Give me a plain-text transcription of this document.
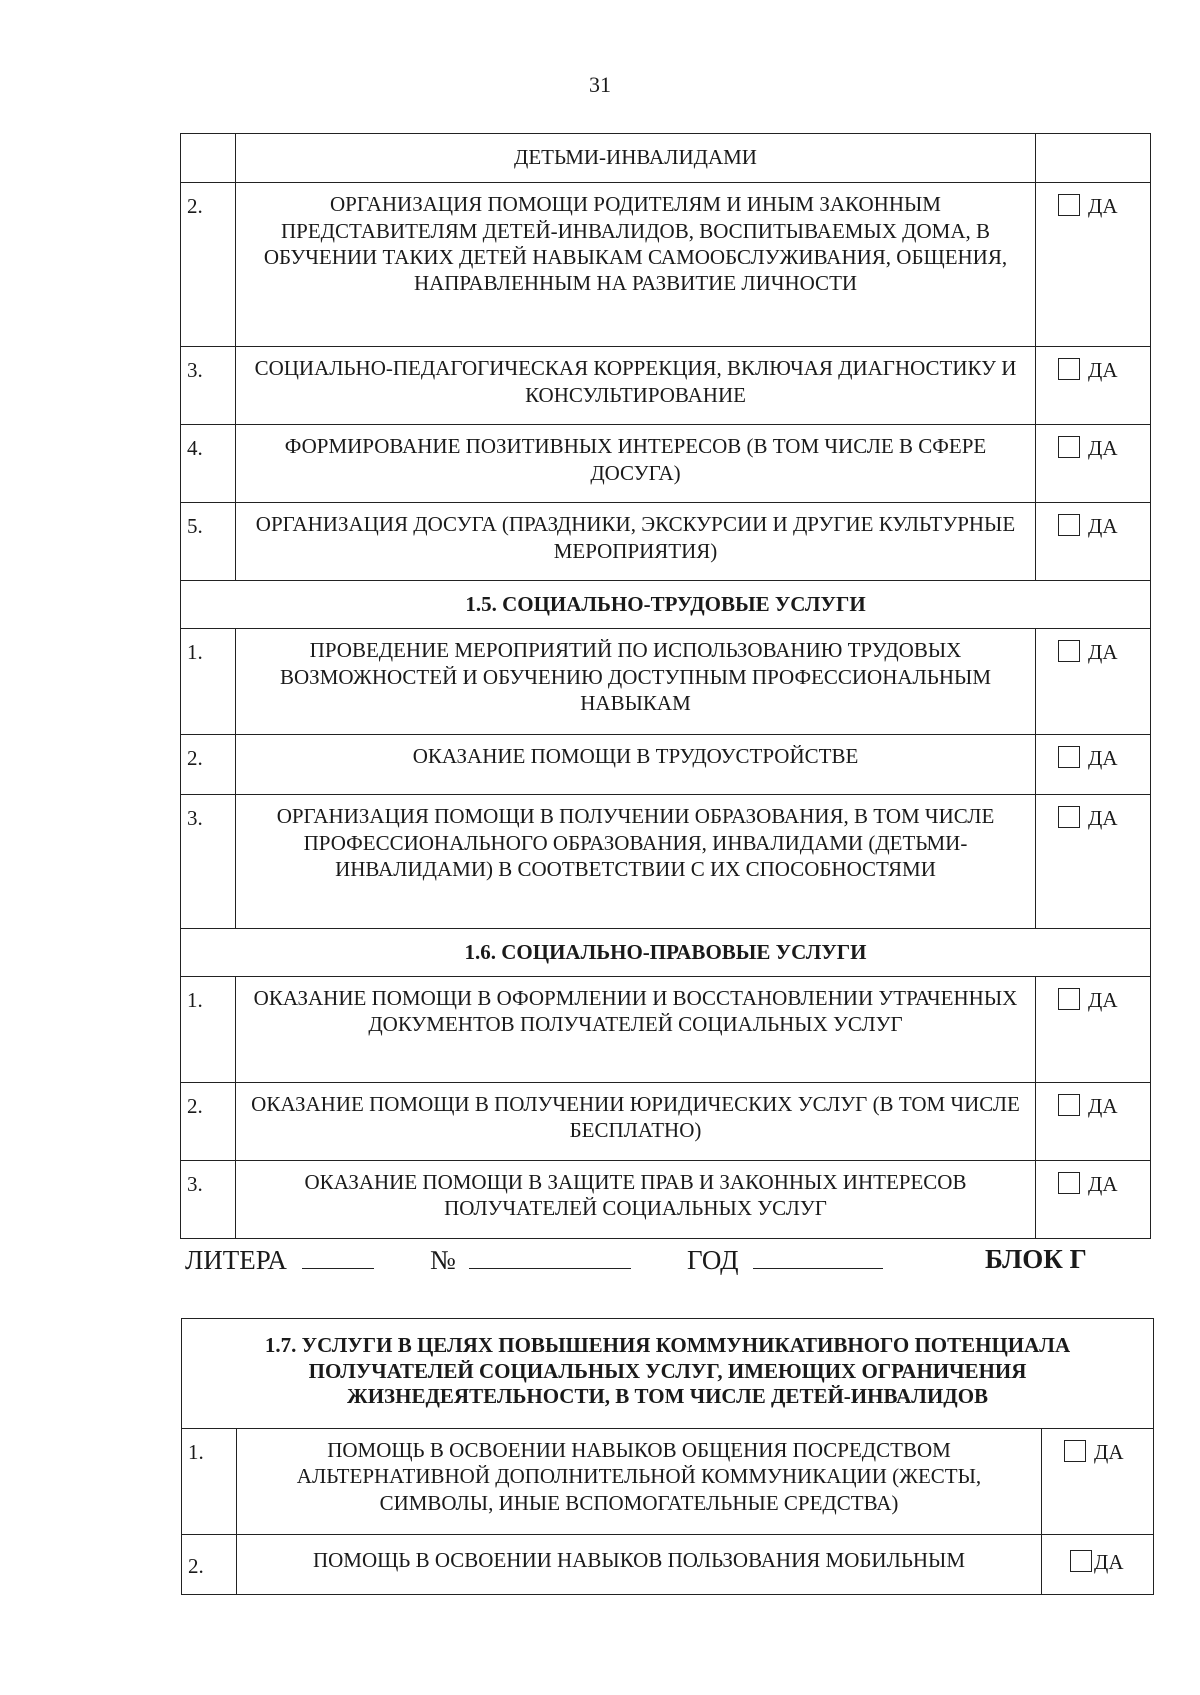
31
	ДЕТЬМИ-ИНВАЛИДАМИ	
2.	ОРГАНИЗАЦИЯ ПОМОЩИ РОДИТЕЛЯМ И ИНЫМ ЗАКОННЫМ ПРЕДСТАВИТЕЛЯМ ДЕТЕЙ-ИНВАЛИДОВ, ВОСПИТЫВАЕМЫХ ДОМА, В ОБУЧЕНИИ ТАКИХ ДЕТЕЙ НАВЫКАМ САМООБСЛУЖИВАНИЯ, ОБЩЕНИЯ, НАПРАВЛЕННЫМ НА РАЗВИТИЕ ЛИЧНОСТИ	ДА
3.	СОЦИАЛЬНО-ПЕДАГОГИЧЕСКАЯ КОРРЕКЦИЯ, ВКЛЮЧАЯ ДИАГНОСТИКУ И КОНСУЛЬТИРОВАНИЕ	ДА
4.	ФОРМИРОВАНИЕ ПОЗИТИВНЫХ ИНТЕРЕСОВ (В ТОМ ЧИСЛЕ В СФЕРЕ ДОСУГА)	ДА
5.	ОРГАНИЗАЦИЯ ДОСУГА (ПРАЗДНИКИ, ЭКСКУРСИИ И ДРУГИЕ КУЛЬТУРНЫЕ МЕРОПРИЯТИЯ)	ДА
1.5. СОЦИАЛЬНО-ТРУДОВЫЕ УСЛУГИ		
1.	ПРОВЕДЕНИЕ МЕРОПРИЯТИЙ ПО ИСПОЛЬЗОВАНИЮ ТРУДОВЫХ ВОЗМОЖНОСТЕЙ И ОБУЧЕНИЮ ДОСТУПНЫМ ПРОФЕССИОНАЛЬНЫМ НАВЫКАМ	ДА
2.	ОКАЗАНИЕ ПОМОЩИ В ТРУДОУСТРОЙСТВЕ	ДА
3.	ОРГАНИЗАЦИЯ ПОМОЩИ В ПОЛУЧЕНИИ ОБРАЗОВАНИЯ, В ТОМ ЧИСЛЕ ПРОФЕССИОНАЛЬНОГО ОБРАЗОВАНИЯ, ИНВАЛИДАМИ (ДЕТЬМИ-ИНВАЛИДАМИ) В СООТВЕТСТВИИ С ИХ СПОСОБНОСТЯМИ	ДА
1.6. СОЦИАЛЬНО-ПРАВОВЫЕ УСЛУГИ		
1.	ОКАЗАНИЕ ПОМОЩИ В ОФОРМЛЕНИИ И ВОССТАНОВЛЕНИИ УТРАЧЕННЫХ ДОКУМЕНТОВ ПОЛУЧАТЕЛЕЙ СОЦИАЛЬНЫХ УСЛУГ	ДА
2.	ОКАЗАНИЕ ПОМОЩИ В ПОЛУЧЕНИИ ЮРИДИЧЕСКИХ УСЛУГ (В ТОМ ЧИСЛЕ БЕСПЛАТНО)	ДА
3.	ОКАЗАНИЕ ПОМОЩИ В ЗАЩИТЕ ПРАВ И ЗАКОННЫХ ИНТЕРЕСОВ ПОЛУЧАТЕЛЕЙ СОЦИАЛЬНЫХ УСЛУГ	ДА
ЛИТЕРА	№	ГОД	БЛОК Г
1.7. УСЛУГИ В ЦЕЛЯХ ПОВЫШЕНИЯ КОММУНИКАТИВНОГО ПОТЕНЦИАЛА ПОЛУЧАТЕЛЕЙ СОЦИАЛЬНЫХ УСЛУГ, ИМЕЮЩИХ ОГРАНИЧЕНИЯ ЖИЗНЕДЕЯТЕЛЬНОСТИ, В ТОМ ЧИСЛЕ ДЕТЕЙ-ИНВАЛИДОВ		
1.	ПОМОЩЬ В ОСВОЕНИИ НАВЫКОВ ОБЩЕНИЯ ПОСРЕДСТВОМ АЛЬТЕРНАТИВНОЙ ДОПОЛНИТЕЛЬНОЙ КОММУНИКАЦИИ (ЖЕСТЫ, СИМВОЛЫ, ИНЫЕ ВСПОМОГАТЕЛЬНЫЕ СРЕДСТВА)	ДА
2.	ПОМОЩЬ В ОСВОЕНИИ НАВЫКОВ ПОЛЬЗОВАНИЯ МОБИЛЬНЫМ	ДА
